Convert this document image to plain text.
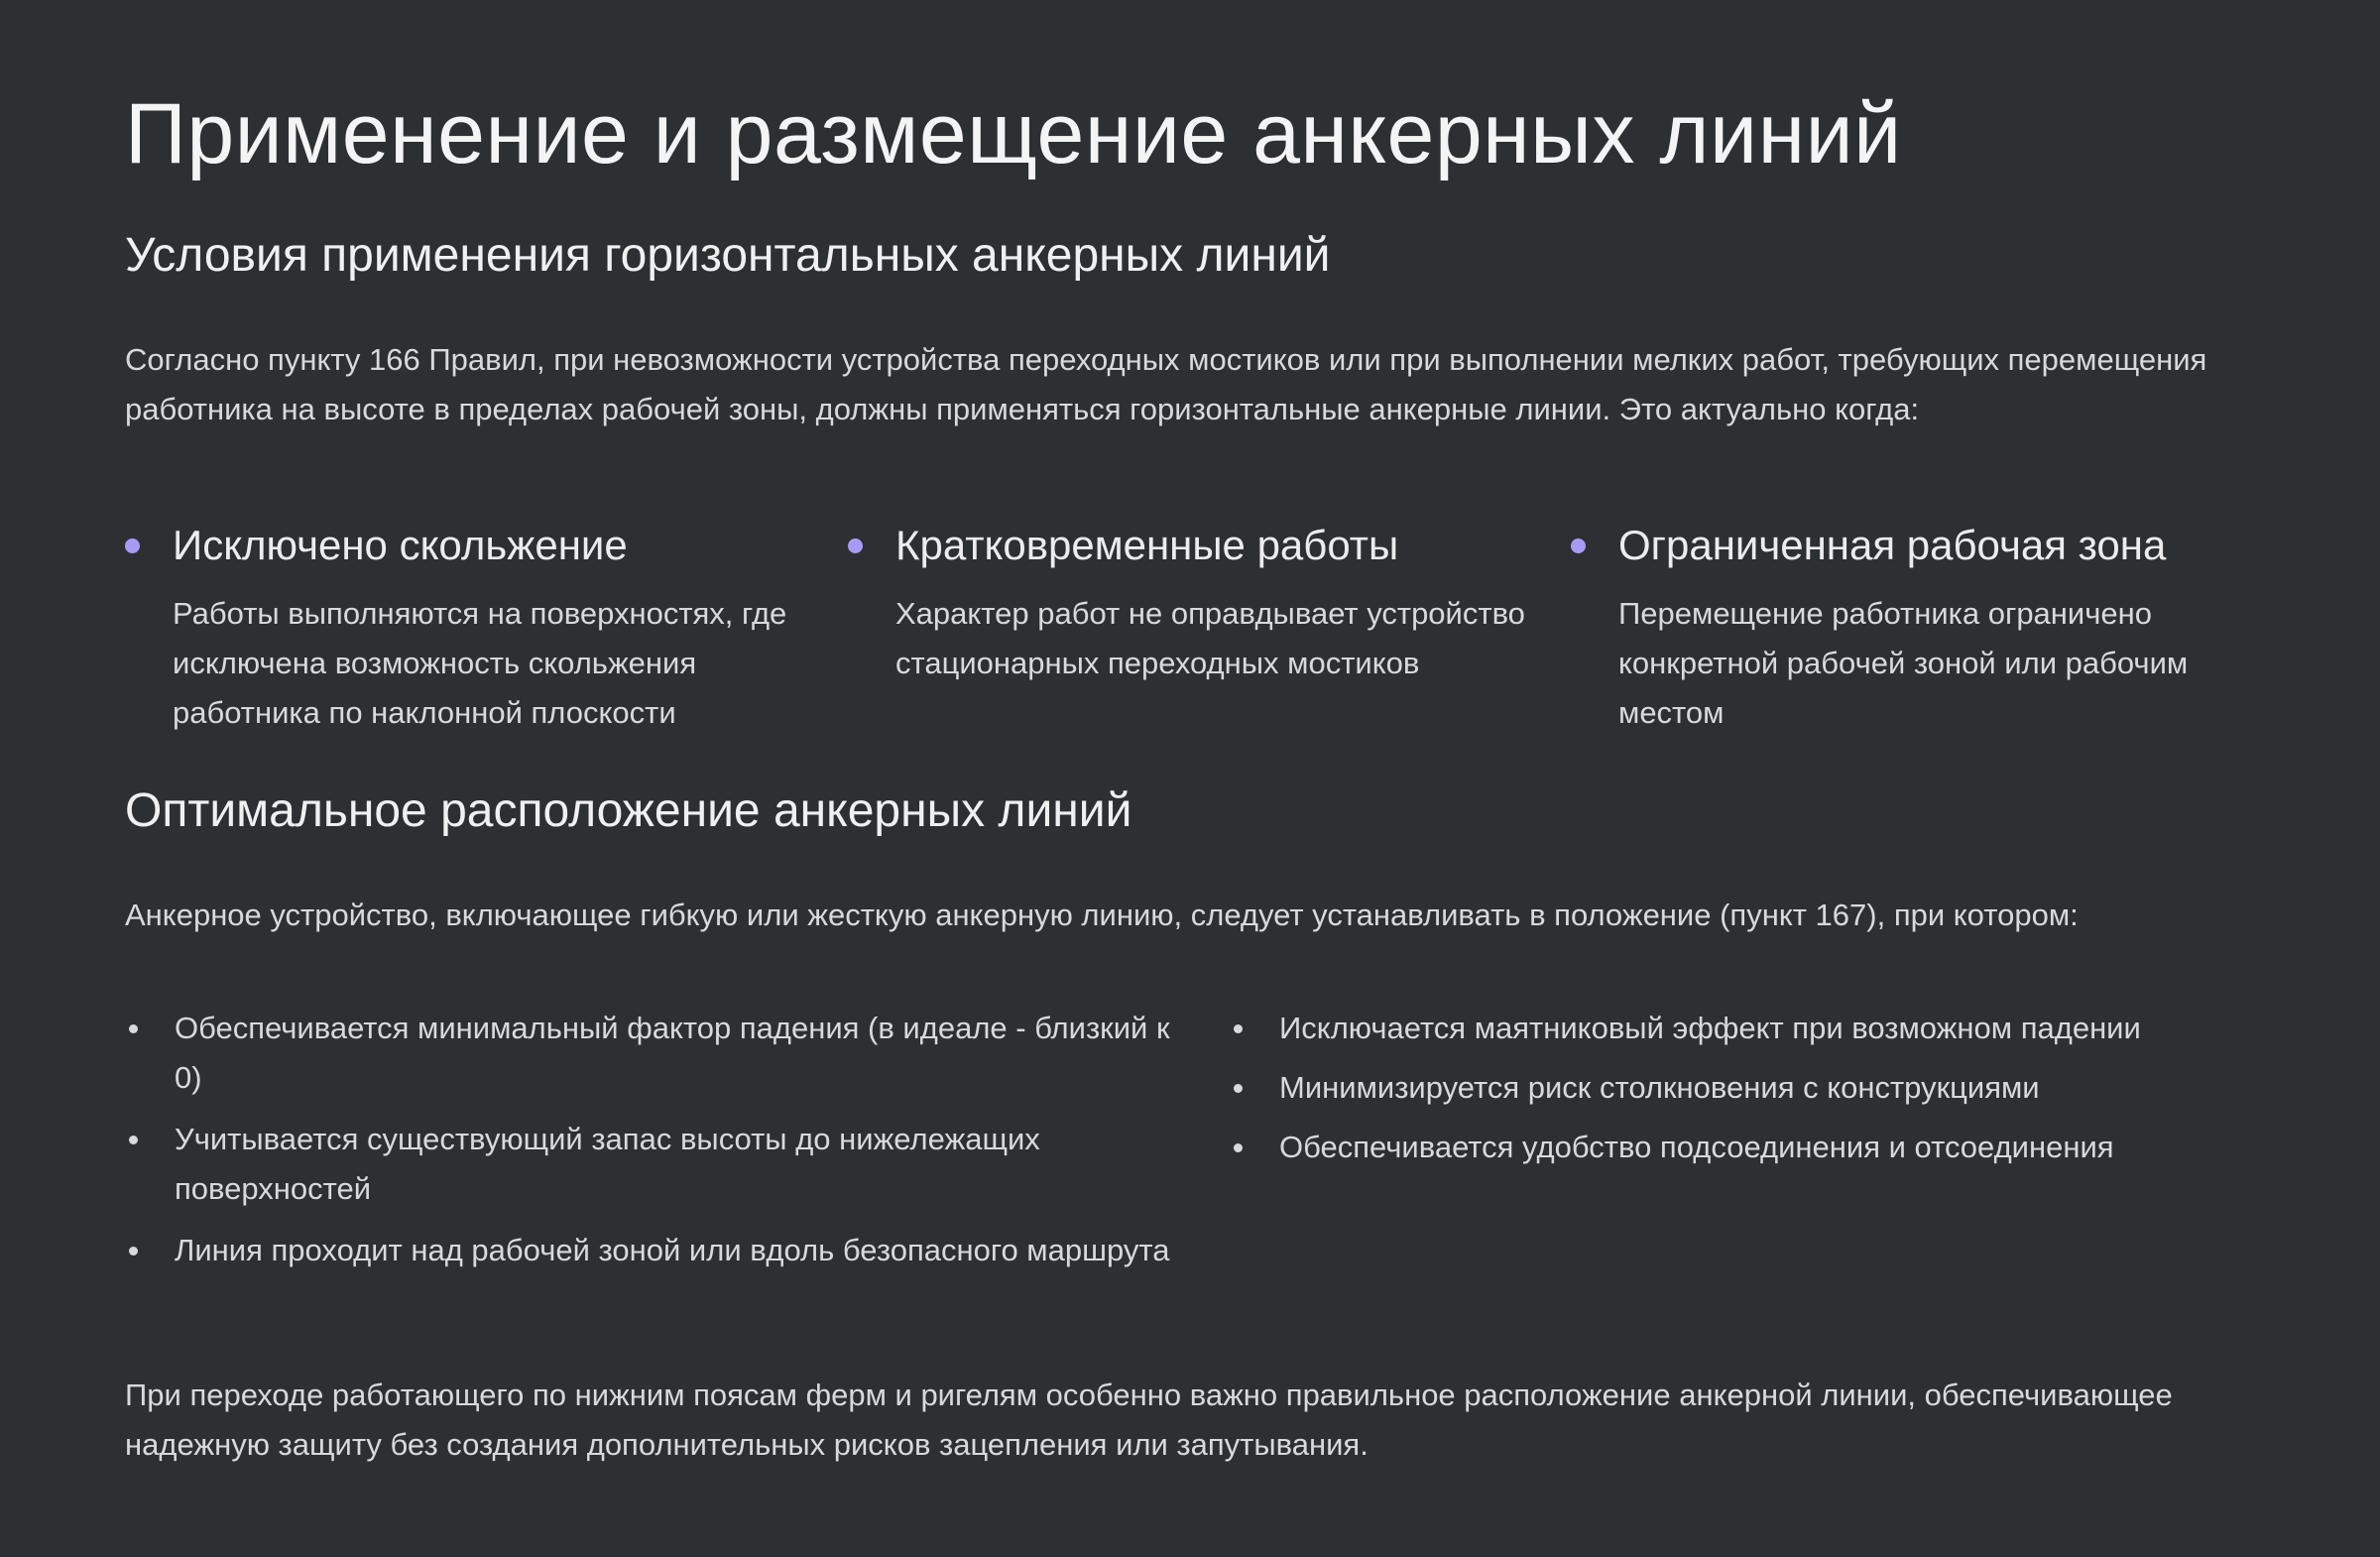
Применение и размещение анкерных линий
Условия применения горизонтальных анкерных линий

Согласно пункту 166 Правил, при невозможности устройства переходных мостиков или при выполнении мелких работ, требующих перемещения работника на высоте в пределах рабочей зоны, должны применяться горизонтальные анкерные линии. Это актуально когда:

Исключено скольжение

Работы выполняются на поверхностях, где исключена возможность скольжения работника по наклонной плоскости

Кратковременные работы

Характер работ не оправдывает устройство стационарных переходных мостиков

Ограниченная рабочая зона

Перемещение работника ограничено конкретной рабочей зоной или рабочим местом

Оптимальное расположение анкерных линий

Анкерное устройство, включающее гибкую или жесткую анкерную линию, следует устанавливать в положение (пункт 167), при котором:

Обеспечивается минимальный фактор падения (в идеале - близкий к 0)
Учитывается существующий запас высоты до нижележащих поверхностей
Линия проходит над рабочей зоной или вдоль безопасного маршрута
Исключается маятниковый эффект при возможном падении
Минимизируется риск столкновения с конструкциями
Обеспечивается удобство подсоединения и отсоединения

При переходе работающего по нижним поясам ферм и ригелям особенно важно правильное расположение анкерной линии, обеспечивающее надежную защиту без создания дополнительных рисков зацепления или запутывания.
